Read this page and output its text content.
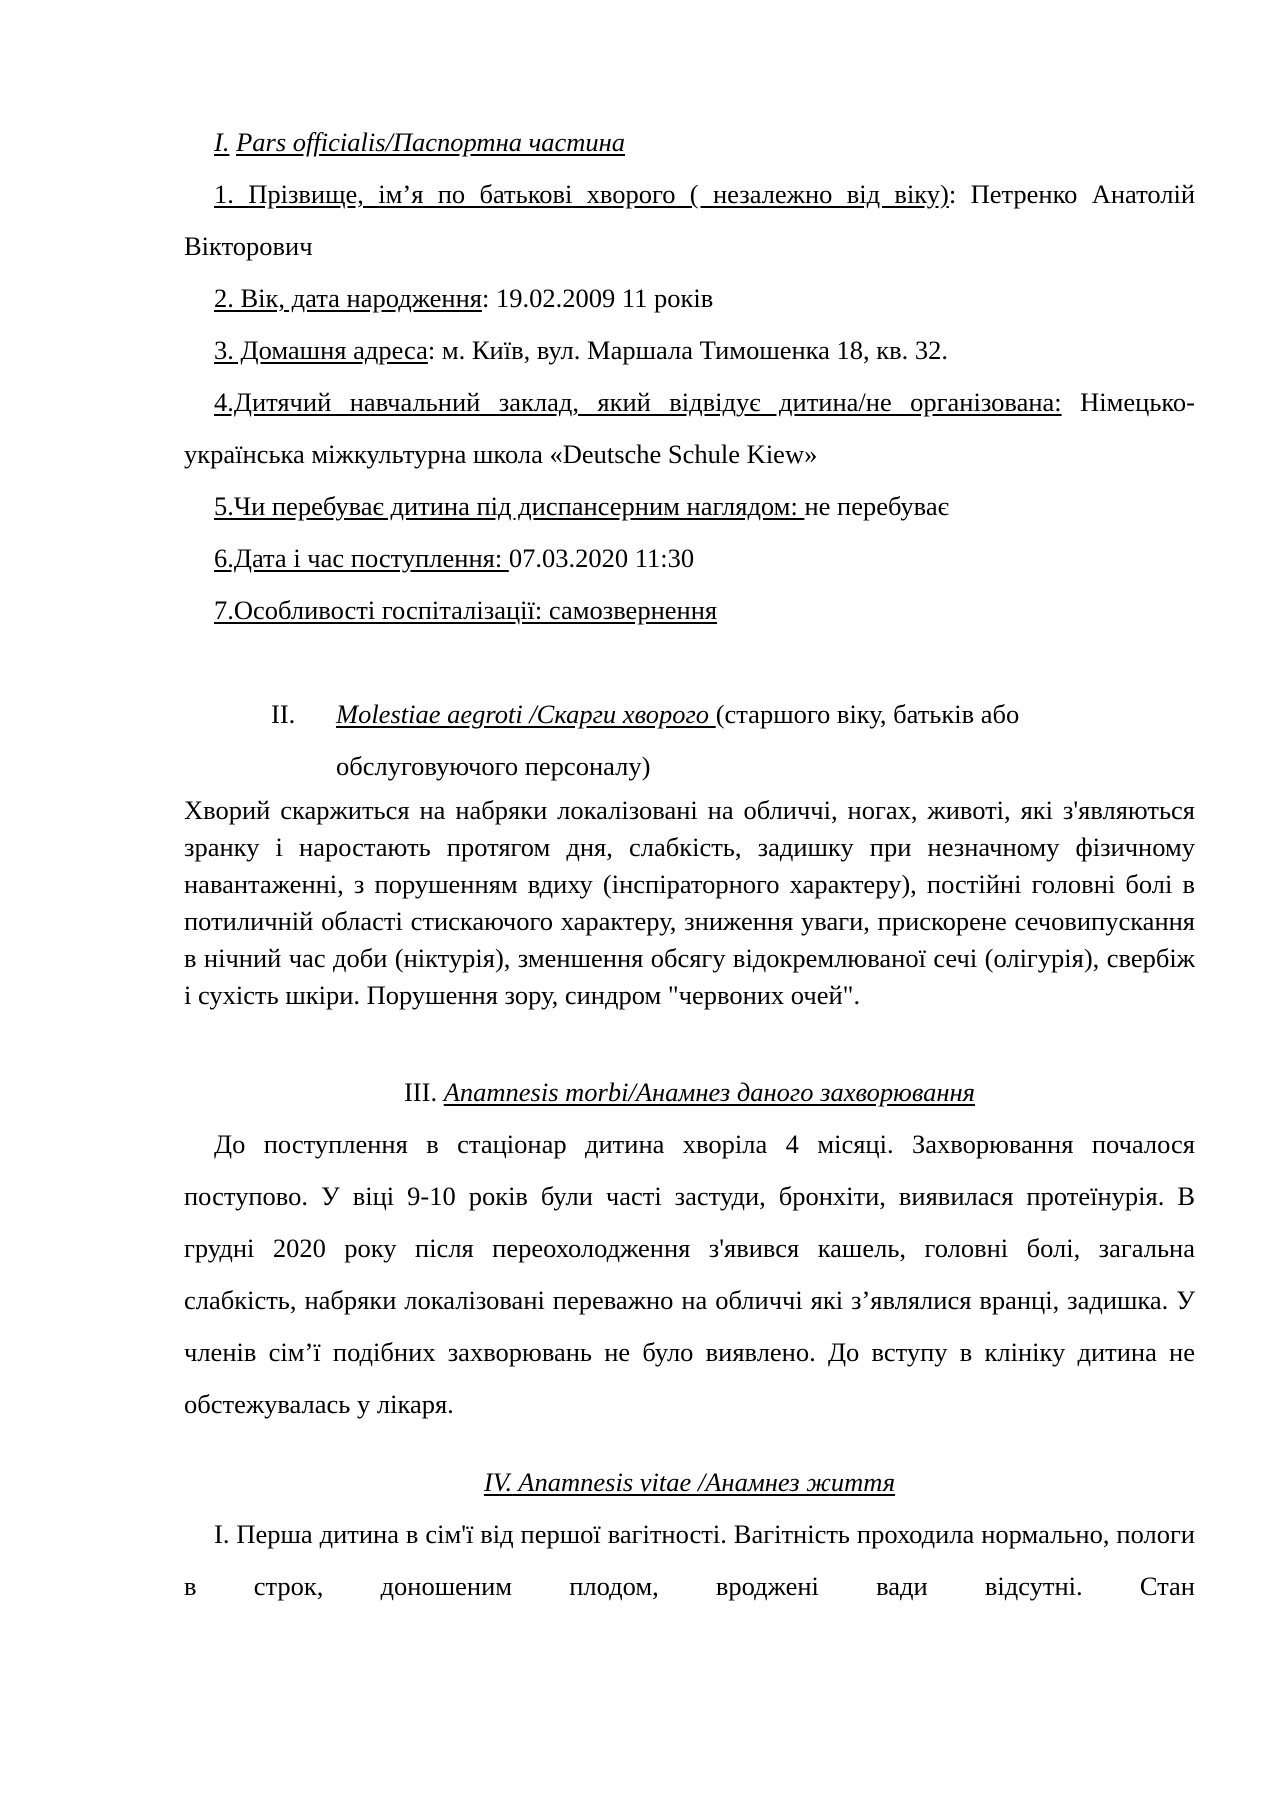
I. Pars officialis/Паспортна частина

1. Прізвище, ім’я по батькові хворого ( незалежно від віку): Петренко Анатолій Вікторович

2. Вік, дата народження: 19.02.2009 11 років

3. Домашня адреса: м. Київ, вул. Маршала Тимошенка 18, кв. 32.

4.Дитячий навчальний заклад, який відвідує дитина/не організована: Німецько-українська міжкультурна школа «Deutsche Schule Kiew»

5.Чи перебуває дитина під диспансерним наглядом: не перебуває

6.Дата і час поступлення: 07.03.2020 11:30

7.Особливості госпіталізації: самозвернення

II. Molestiae aegroti /Скарги хворого (старшого віку, батьків або обслуговуючого персоналу)

Хворий скаржиться на набряки локалізовані на обличчі, ногах, животі, які з'являються зранку і наростають протягом дня, слабкість, задишку при незначному фізичному навантаженні, з порушенням вдиху (інспіраторного характеру), постійні головні болі в потиличній області стискаючого характеру, зниження уваги, прискорене сечовипускання в нічний час доби (ніктурія), зменшення обсягу відокремлюваної сечі (олігурія), свербіж і сухість шкіри. Порушення зору, синдром "червоних очей".

III. Anamnesis morbi/Анамнез даного захворювання

До поступлення в стаціонар дитина хворіла 4 місяці. Захворювання почалося поступово. У віці 9-10 років були часті застуди, бронхіти, виявилася протеїнурія. В грудні 2020 року після переохолодження з'явився кашель, головні болі, загальна слабкість, набряки локалізовані переважно на обличчі які з’являлися вранці, задишка. У членів сім’ї подібних захворювань не було виявлено. До вступу в клініку дитина не обстежувалась у лікаря.

IV. Anamnesis vitae /Анамнез життя

І. Перша дитина в сім'ї від першої вагітності. Вагітність проходила нормально, пологи в строк, доношеним плодом, вроджені вади відсутні. Стан
